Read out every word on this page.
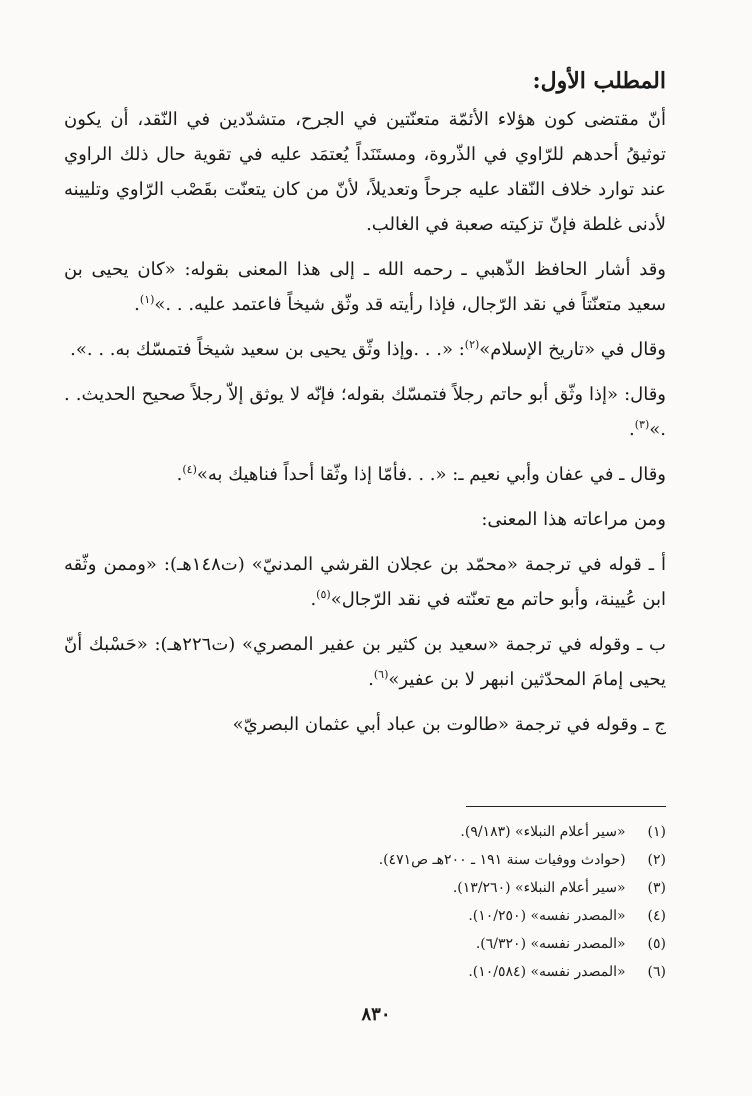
المطلب الأول:

أنّ مقتضى كون هؤلاء الأئمّة متعنّتين في الجرح، متشدّدين في النّقد، أن يكون توثيقُ أحدهم للرّاوي في الذّروة، ومستَنَداً يُعتمَد عليه في تقوية حال ذلك الراوي عند توارد خلاف النّقاد عليه جرحاً وتعديلاً، لأنّ من كان يتعنّت بقَصْب الرّاوي وتليينه لأدنى غلطة فإنّ تزكيته صعبة في الغالب.

وقد أشار الحافظ الذّهبي ـ رحمه الله ـ إلى هذا المعنى بقوله: «كان يحيى بن سعيد متعنّتاً في نقد الرّجال، فإذا رأيته قد وثّق شيخاً فاعتمد عليه. . .»$^{(١)}$.

وقال في «تاريخ الإسلام»$^{(٢)}$: «. . .وإذا وثّق يحيى بن سعيد شيخاً فتمسّك به. . .».

وقال: «إذا وثّق أبو حاتم رجلاً فتمسّك بقوله؛ فإنّه لا يوثق إلاّ رجلاً صحيح الحديث. . .»$^{(٣)}$.

وقال ـ في عفان وأبي نعيم ـ: «. . .فأمّا إذا وثّقا أحداً فناهيك به»$^{(٤)}$.

ومن مراعاته هذا المعنى:

أ ـ قوله في ترجمة «محمّد بن عجلان القرشي المدنيّ» (ت١٤٨هـ): «وممن وثّقه ابن عُيينة، وأبو حاتم مع تعنّته في نقد الرّجال»$^{(٥)}$.

ب ـ وقوله في ترجمة «سعيد بن كثير بن عفير المصري» (ت٢٢٦هـ): «حَسْبك أنّ يحيى إمامَ المحدّثين انبهر لا بن عفير»$^{(٦)}$.

ج ـ وقوله في ترجمة «طالوت بن عباد أبي عثمان البصريّ»

(١) «سير أعلام النبلاء» (٩/١٨٣).
(٢) (حوادث ووفيات سنة ١٩١ ـ ٢٠٠هـ ص٤٧١).
(٣) «سير أعلام النبلاء» (١٣/٢٦٠).
(٤) «المصدر نفسه» (١٠/٢٥٠).
(٥) «المصدر نفسه» (٦/٣٢٠).
(٦) «المصدر نفسه» (١٠/٥٨٤).
٨٣٠
